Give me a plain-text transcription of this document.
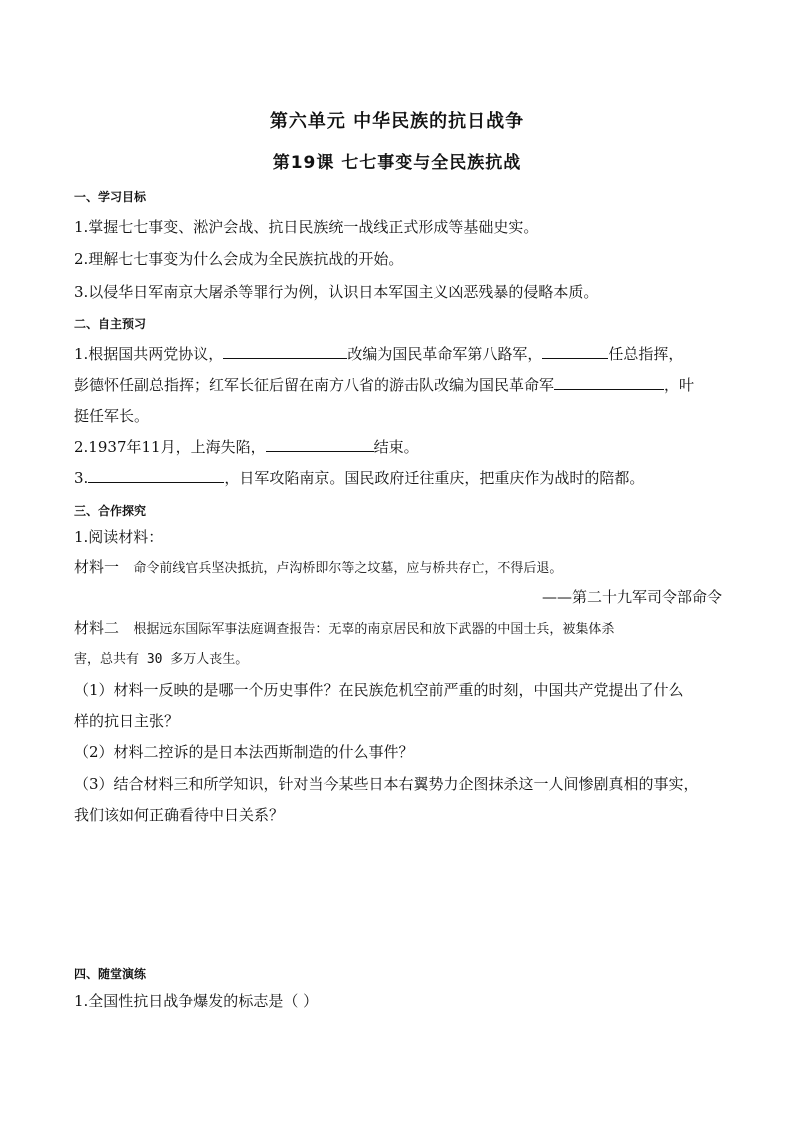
第六单元 中华民族的抗日战争
第19课 七七事变与全民族抗战
一、学习目标
1.掌握七七事变、淞沪会战、抗日民族统一战线正式形成等基础史实。
2.理解七七事变为什么会成为全民族抗战的开始。
3.以侵华日军南京大屠杀等罪行为例，认识日本军国主义凶恶残暴的侵略本质。
二、自主预习
1.根据国共两党协议，	改编为国民革命军第八路军，	任总指挥，
彭德怀任副总指挥；红军长征后留在南方八省的游击队改编为国民革命军	，叶
挺任军长。
2.1937年11月，上海失陷，	结束。
3.	，日军攻陷南京。国民政府迁往重庆，把重庆作为战时的陪都。
三、合作探究
1.阅读材料：
材料一 命令前线官兵坚决抵抗，卢沟桥即尔等之坟墓，应与桥共存亡，不得后退。
——第二十九军司令部命令
材料二 根据远东国际军事法庭调查报告：无辜的南京居民和放下武器的中国士兵，被集体杀
害，总共有 30 多万人丧生。
（1）材料一反映的是哪一个历史事件？在民族危机空前严重的时刻，中国共产党提出了什么
样的抗日主张？
（2）材料二控诉的是日本法西斯制造的什么事件？
（3）结合材料三和所学知识，针对当今某些日本右翼势力企图抹杀这一人间惨剧真相的事实，
我们该如何正确看待中日关系？
四、随堂演练
1.全国性抗日战争爆发的标志是（ ）
